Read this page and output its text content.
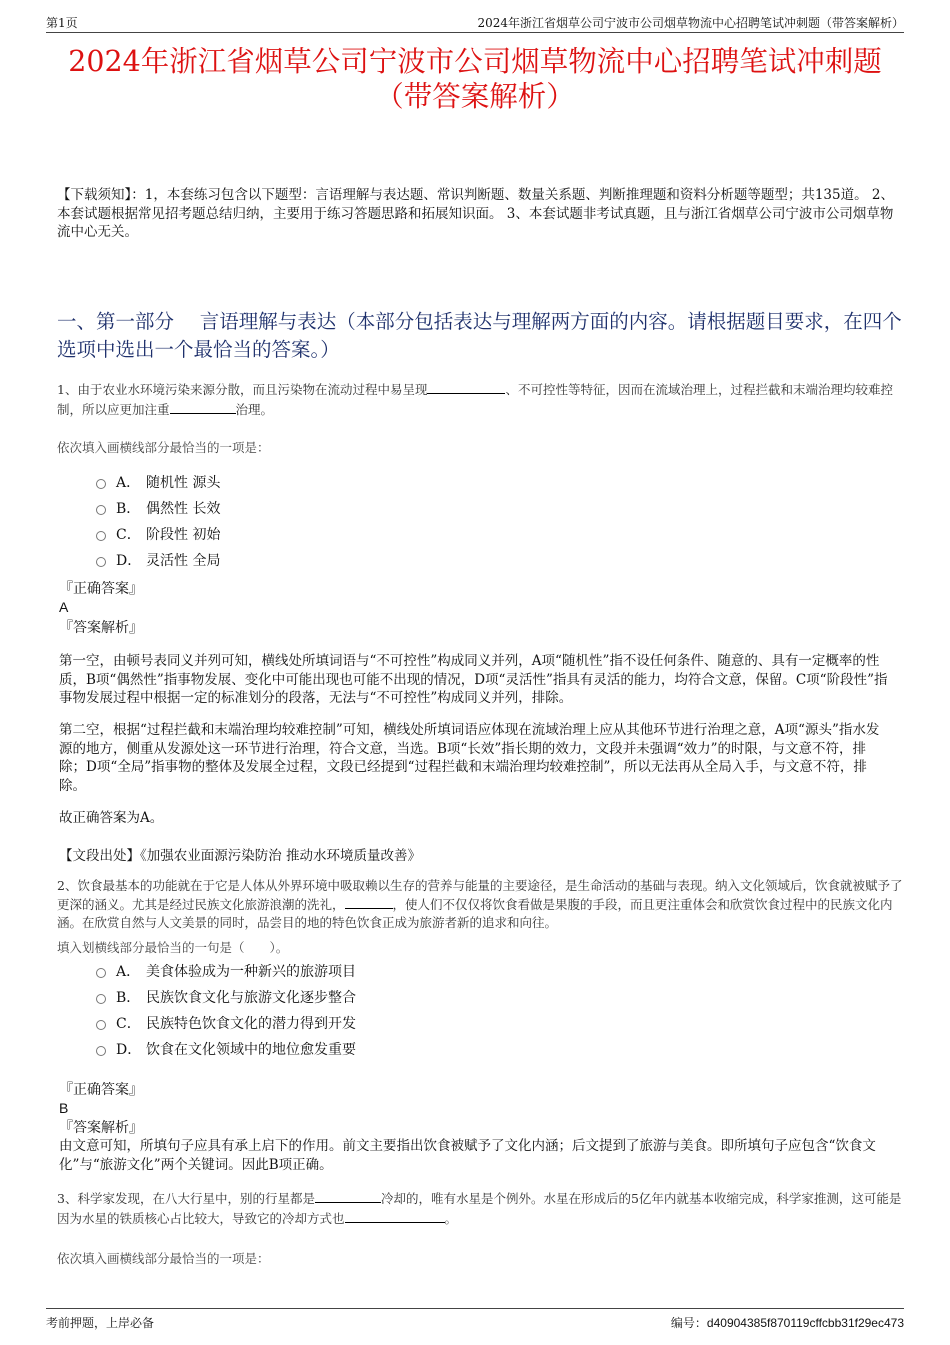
第1页	2024年浙江省烟草公司宁波市公司烟草物流中心招聘笔试冲刺题（带答案解析）
2024年浙江省烟草公司宁波市公司烟草物流中心招聘笔试冲刺题（带答案解析）
【下载须知】：1，本套练习包含以下题型：言语理解与表达题、常识判断题、数量关系题、判断推理题和资料分析题等题型；共135道。 2、本套试题根据常见招考题总结归纳，主要用于练习答题思路和拓展知识面。 3、本套试题非考试真题，且与浙江省烟草公司宁波市公司烟草物流中心无关。
一、第一部分　 言语理解与表达（本部分包括表达与理解两方面的内容。请根据题目要求，在四个选项中选出一个最恰当的答案。）
1、由于农业水环境污染来源分散，而且污染物在流动过程中易呈现	、不可控性等特征，因而在流域治理上，过程拦截和末端治理均较难控制，所以应更加注重	治理。
依次填入画横线部分最恰当的一项是：
A． 随机性 源头
B． 偶然性 长效
C． 阶段性 初始
D． 灵活性 全局
『正确答案』
A
『答案解析』
第一空，由顿号表同义并列可知，横线处所填词语与“不可控性”构成同义并列，A项“随机性”指不设任何条件、随意的、具有一定概率的性质，B项“偶然性”指事物发展、变化中可能出现也可能不出现的情况，D项“灵活性”指具有灵活的能力，均符合文意，保留。C项“阶段性”指事物发展过程中根据一定的标准划分的段落，无法与“不可控性”构成同义并列，排除。
第二空，根据“过程拦截和末端治理均较难控制”可知，横线处所填词语应体现在流域治理上应从其他环节进行治理之意，A项“源头”指水发源的地方，侧重从发源处这一环节进行治理，符合文意，当选。B项“长效”指长期的效力，文段并未强调“效力”的时限，与文意不符，排除；D项“全局”指事物的整体及发展全过程，文段已经提到“过程拦截和末端治理均较难控制”，所以无法再从全局入手，与文意不符，排除。
故正确答案为A。
【文段出处】《加强农业面源污染防治 推动水环境质量改善》
2、饮食最基本的功能就在于它是人体从外界环境中吸取赖以生存的营养与能量的主要途径，是生命活动的基础与表现。纳入文化领域后，饮食就被赋予了更深的涵义。尤其是经过民族文化旅游浪潮的洗礼，	，使人们不仅仅将饮食看做是果腹的手段，而且更注重体会和欣赏饮食过程中的民族文化内涵。在欣赏自然与人文美景的同时，品尝目的地的特色饮食正成为旅游者新的追求和向往。
填入划横线部分最恰当的一句是（　　）。
A． 美食体验成为一种新兴的旅游项目
B． 民族饮食文化与旅游文化逐步整合
C． 民族特色饮食文化的潜力得到开发
D． 饮食在文化领域中的地位愈发重要
『正确答案』
B
『答案解析』
由文意可知，所填句子应具有承上启下的作用。前文主要指出饮食被赋予了文化内涵；后文提到了旅游与美食。即所填句子应包含“饮食文化”与“旅游文化”两个关键词。因此B项正确。
3、科学家发现，在八大行星中，别的行星都是	冷却的，唯有水星是个例外。水星在形成后的5亿年内就基本收缩完成，科学家推测，这可能是因为水星的铁质核心占比较大，导致它的冷却方式也	。
依次填入画横线部分最恰当的一项是：
考前押题，上岸必备	编号：d40904385f870119cffcbb31f29ec473
